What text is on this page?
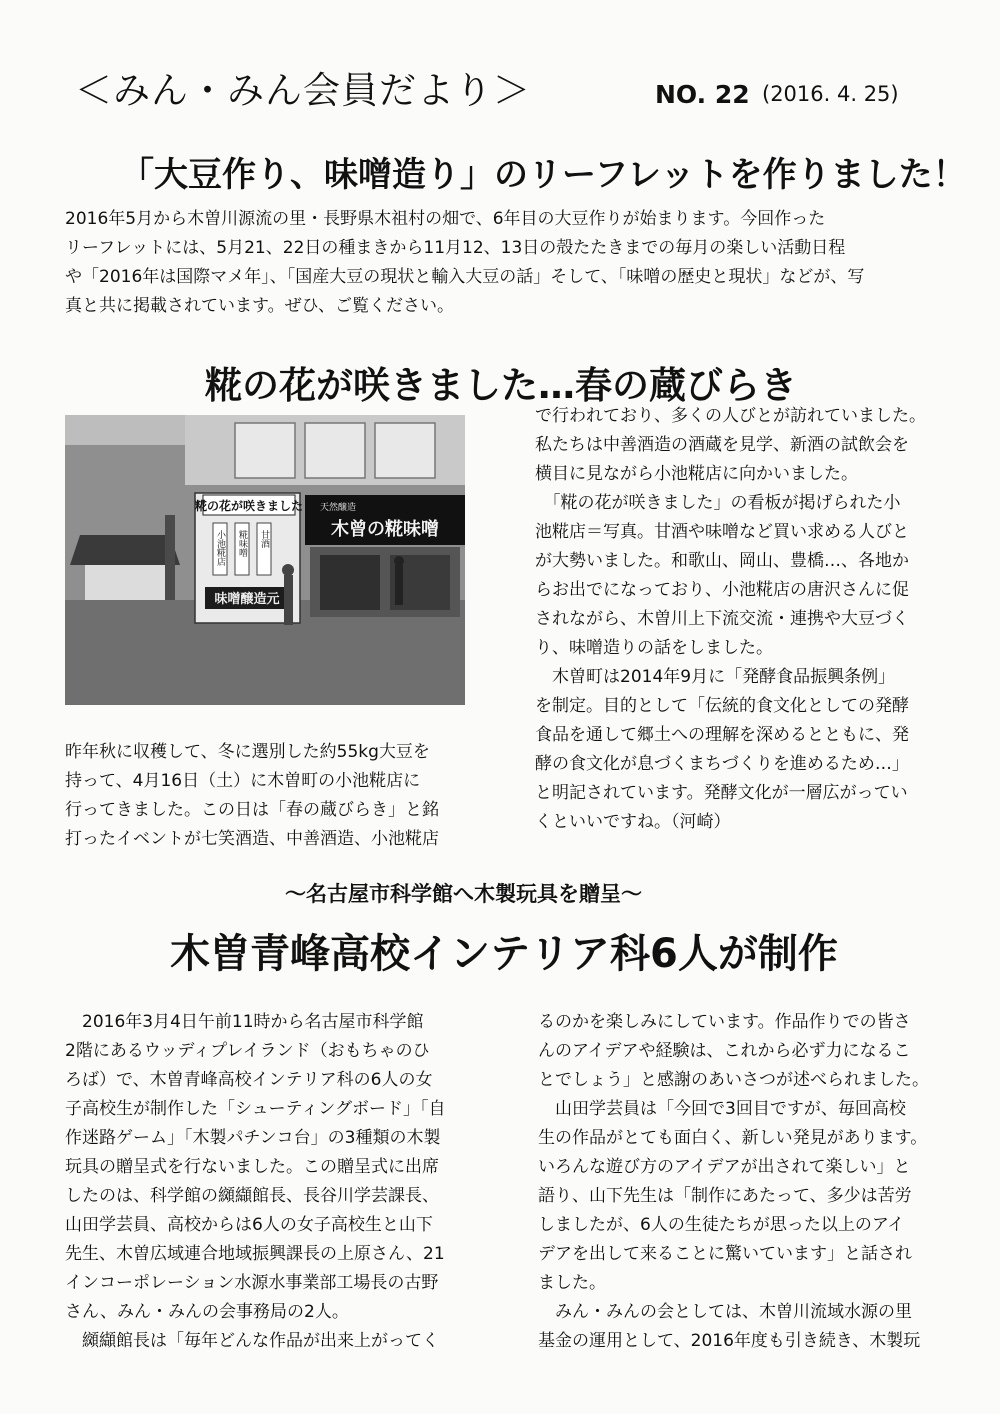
＜みん・みん会員だより＞	NO. 22 (2016. 4. 25)
「大豆作り、味噌造り」のリーフレットを作りました！
2016年5月から木曽川源流の里・長野県木祖村の畑で、6年目の大豆作りが始まります。今回作った
リーフレットには、5月21、22日の種まきから11月12、13日の殻たたきまでの毎月の楽しい活動日程
や「2016年は国際マメ年」、「国産大豆の現状と輸入大豆の話」そして、「味噌の歴史と現状」などが、写
真と共に掲載されています。ぜひ、ご覧ください。
糀の花が咲きました…春の蔵びらき
糀の花が咲きました
小池糀店 糀味噌 甘酒
味噌醸造元
天然醸造
木曾の糀味噌
昨年秋に収穫して、冬に選別した約55kg大豆を
持って、4月16日（土）に木曽町の小池糀店に
行ってきました。この日は「春の蔵びらき」と銘
打ったイベントが七笑酒造、中善酒造、小池糀店
で行われており、多くの人びとが訪れていました。
私たちは中善酒造の酒蔵を見学、新酒の試飲会を
横目に見ながら小池糀店に向かいました。
　「糀の花が咲きました」の看板が掲げられた小
池糀店＝写真。甘酒や味噌など買い求める人びと
が大勢いました。和歌山、岡山、豊橋…、各地か
らお出でになっており、小池糀店の唐沢さんに促
されながら、木曽川上下流交流・連携や大豆づく
り、味噌造りの話をしました。
　木曽町は2014年9月に「発酵食品振興条例」
を制定。目的として「伝統的食文化としての発酵
食品を通して郷土への理解を深めるとともに、発
酵の食文化が息づくまちづくりを進めるため…」
と明記されています。発酵文化が一層広がってい
くといいですね。（河崎）
～名古屋市科学館へ木製玩具を贈呈～
木曽青峰高校インテリア科6人が制作
　2016年3月4日午前11時から名古屋市科学館
2階にあるウッディプレイランド（おもちゃのひ
ろば）で、木曽青峰高校インテリア科の6人の女
子高校生が制作した「シューティングボード」「自
作迷路ゲーム」「木製パチンコ台」の3種類の木製
玩具の贈呈式を行ないました。この贈呈式に出席
したのは、科学館の纐纈館長、長谷川学芸課長、
山田学芸員、高校からは6人の女子高校生と山下
先生、木曽広域連合地域振興課長の上原さん、21
インコーポレーション水源水事業部工場長の古野
さん、みん・みんの会事務局の2人。
　纐纈館長は「毎年どんな作品が出来上がってく
るのかを楽しみにしています。作品作りでの皆さ
んのアイデアや経験は、これから必ず力になるこ
とでしょう」と感謝のあいさつが述べられました。
　山田学芸員は「今回で3回目ですが、毎回高校
生の作品がとても面白く、新しい発見があります。
いろんな遊び方のアイデアが出されて楽しい」と
語り、山下先生は「制作にあたって、多少は苦労
しましたが、6人の生徒たちが思った以上のアイ
デアを出して来ることに驚いています」と話され
ました。
　みん・みんの会としては、木曽川流域水源の里
基金の運用として、2016年度も引き続き、木製玩
